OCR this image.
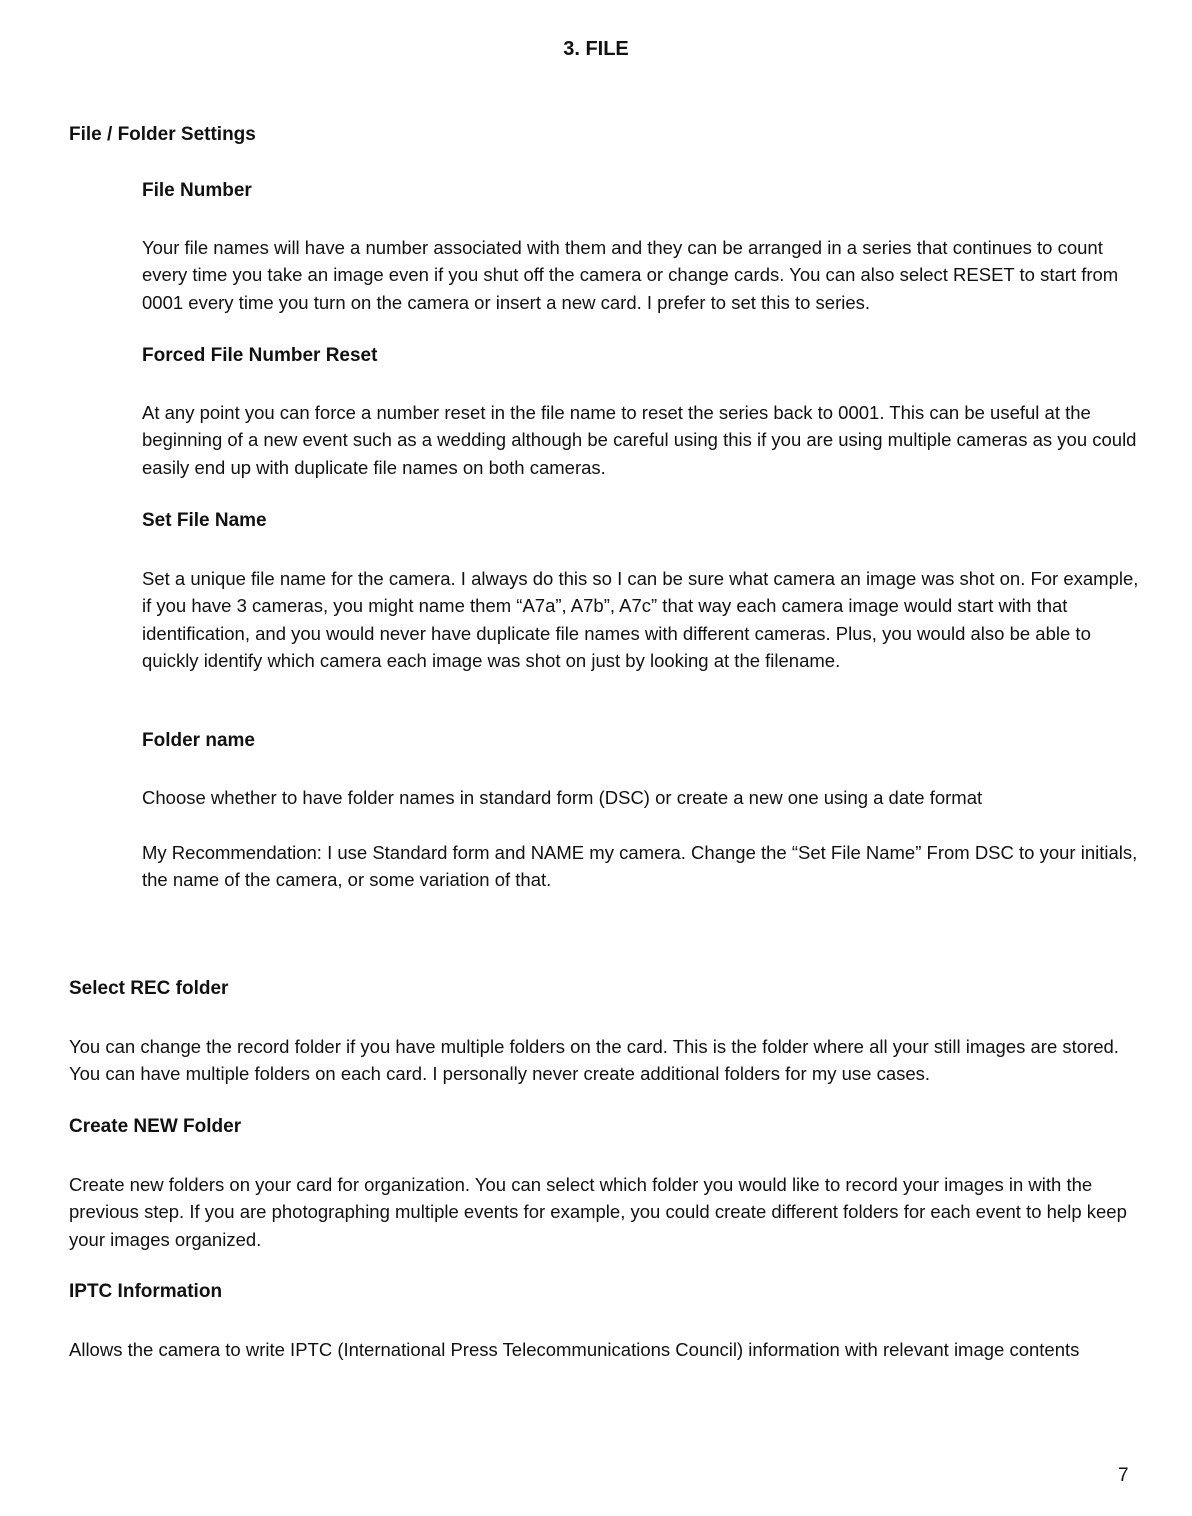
3. FILE
File / Folder Settings
File Number

Your file names will have a number associated with them and they can be arranged in a series that continues to count every time you take an image even if you shut off the camera or change cards. You can also select RESET to start from 0001 every time you turn on the camera or insert a new card. I prefer to set this to series.

Forced File Number Reset

At any point you can force a number reset in the file name to reset the series back to 0001. This can be useful at the beginning of a new event such as a wedding although be careful using this if you are using multiple cameras as you could easily end up with duplicate file names on both cameras.

Set File Name

Set a unique file name for the camera. I always do this so I can be sure what camera an image was shot on. For example, if you have 3 cameras, you might name them “A7a”, A7b”, A7c” that way each camera image would start with that identification, and you would never have duplicate file names with different cameras. Plus, you would also be able to quickly identify which camera each image was shot on just by looking at the filename.

Folder name

Choose whether to have folder names in standard form (DSC) or create a new one using a date format

My Recommendation: I use Standard form and NAME my camera. Change the “Set File Name” From DSC to your initials, the name of the camera, or some variation of that.

Select REC folder

You can change the record folder if you have multiple folders on the card. This is the folder where all your still images are stored. You can have multiple folders on each card. I personally never create additional folders for my use cases.

Create NEW Folder

Create new folders on your card for organization. You can select which folder you would like to record your images in with the previous step. If you are photographing multiple events for example, you could create different folders for each event to help keep your images organized.

IPTC Information

Allows the camera to write IPTC (International Press Telecommunications Council) information with relevant image contents

7
